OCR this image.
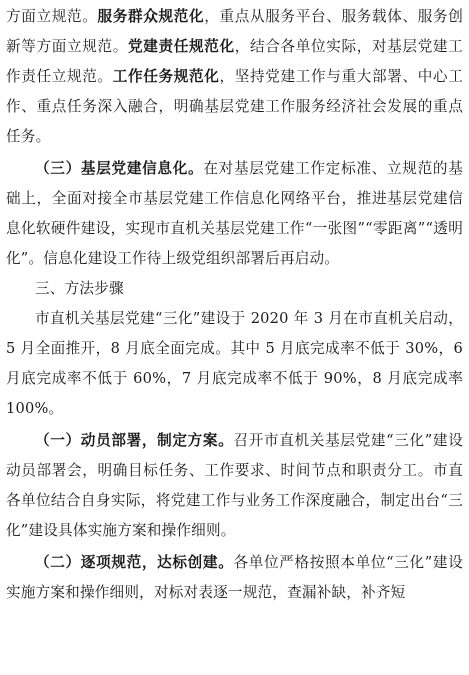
方面立规范。服务群众规范化，重点从服务平台、服务载体、服务创新等方面立规范。党建责任规范化，结合各单位实际，对基层党建工作责任立规范。工作任务规范化，坚持党建工作与重大部署、中心工作、重点任务深入融合，明确基层党建工作服务经济社会发展的重点任务。

（三）基层党建信息化。在对基层党建工作定标准、立规范的基础上，全面对接全市基层党建工作信息化网络平台，推进基层党建信息化软硬件建设，实现市直机关基层党建工作“一张图”“零距离”“透明化”。信息化建设工作待上级党组织部署后再启动。

三、方法步骤

市直机关基层党建“三化”建设于 2020 年 3 月在市直机关启动，5 月全面推开，8 月底全面完成。其中 5 月底完成率不低于 30%，6 月底完成率不低于 60%，7 月底完成率不低于 90%，8 月底完成率 100%。

（一）动员部署，制定方案。召开市直机关基层党建“三化”建设动员部署会，明确目标任务、工作要求、时间节点和职责分工。市直各单位结合自身实际，将党建工作与业务工作深度融合，制定出台“三化”建设具体实施方案和操作细则。

（二）逐项规范，达标创建。各单位严格按照本单位“三化”建设实施方案和操作细则，对标对表逐一规范，查漏补缺，补齐短
